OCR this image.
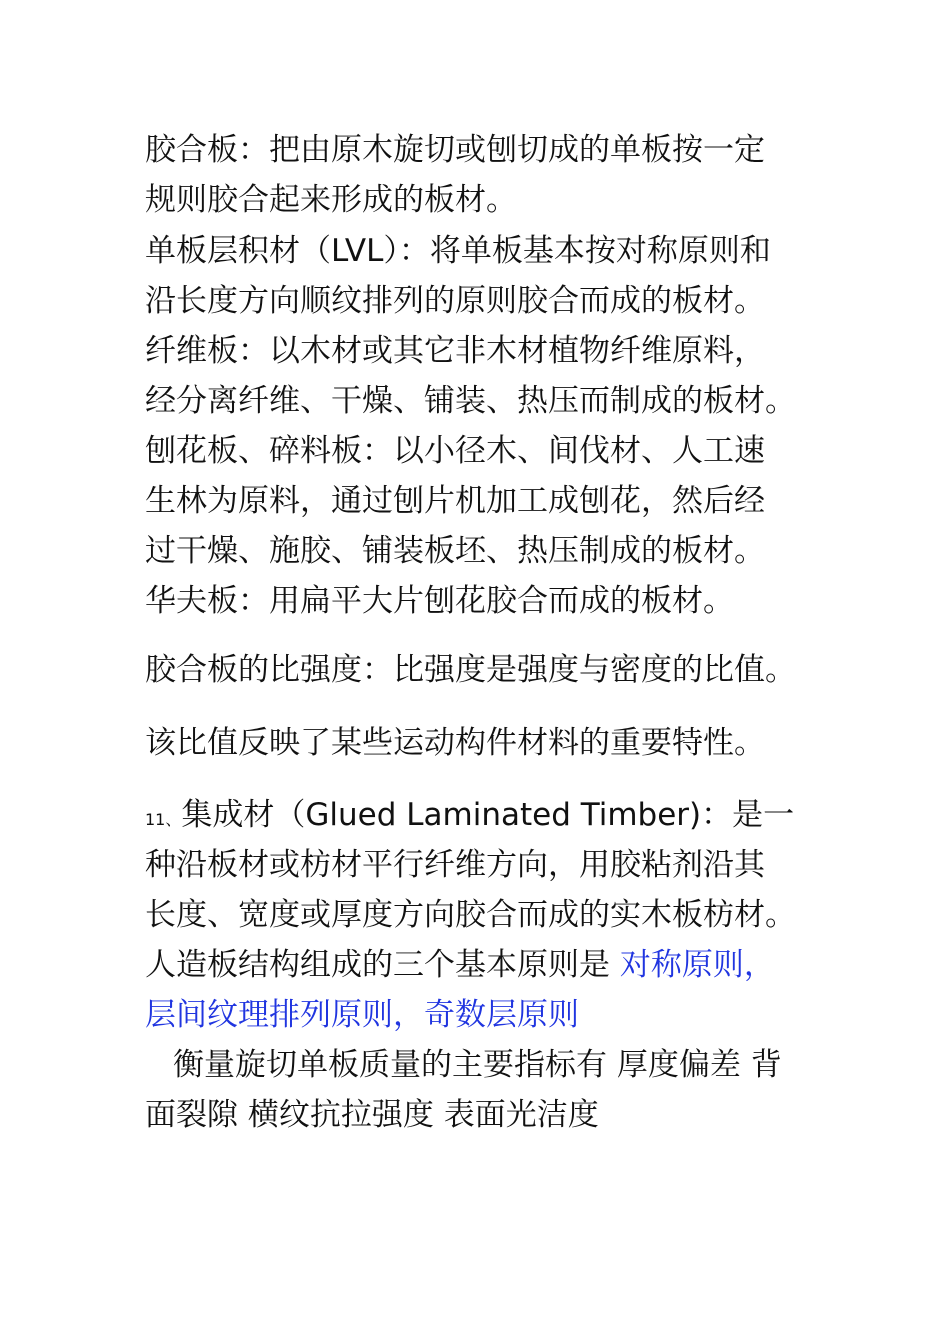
胶合板：把由原木旋切或刨切成的单板按一定
规则胶合起来形成的板材。
单板层积材（LVL）：将单板基本按对称原则和
沿长度方向顺纹排列的原则胶合而成的板材。
纤维板：以木材或其它非木材植物纤维原料，
经分离纤维、干燥、铺装、热压而制成的板材。
刨花板、碎料板：以小径木、间伐材、人工速
生林为原料，通过刨片机加工成刨花，然后经
过干燥、施胶、铺装板坯、热压制成的板材。
华夫板：用扁平大片刨花胶合而成的板材。
胶合板的比强度：比强度是强度与密度的比值。
该比值反映了某些运动构件材料的重要特性。
11、集成材（Glued Laminated Timber)：是一
种沿板材或枋材平行纤维方向，用胶粘剂沿其
长度、宽度或厚度方向胶合而成的实木板枋材。
人造板结构组成的三个基本原则是 对称原则，
层间纹理排列原则，奇数层原则
衡量旋切单板质量的主要指标有 厚度偏差 背
面裂隙 横纹抗拉强度 表面光洁度
